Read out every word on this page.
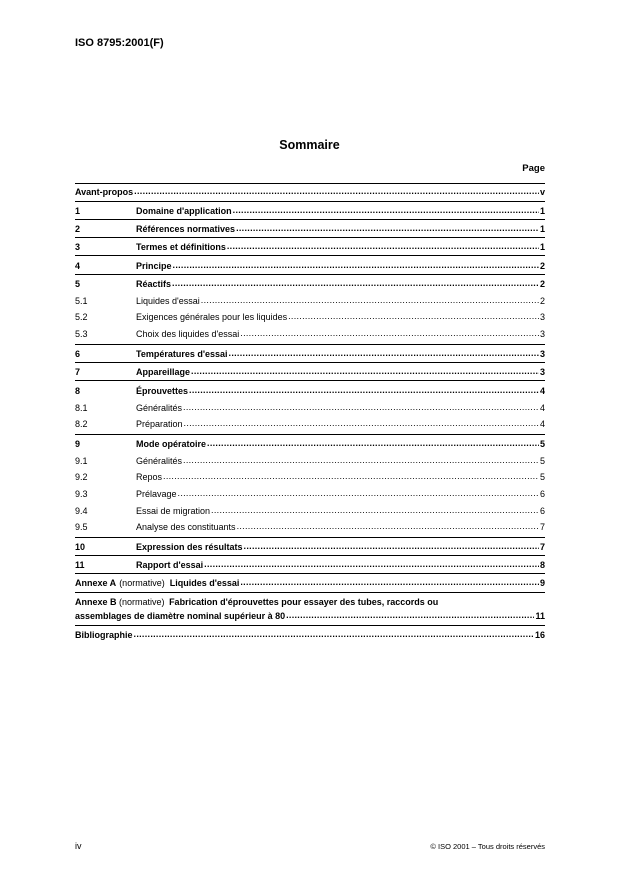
ISO 8795:2001(F)
Sommaire
Page
Avant-propos .....	v
1	Domaine d'application .....	1
2	Références normatives .....	1
3	Termes et définitions .....	1
4	Principe .....	2
5	Réactifs .....	2
5.1	Liquides d'essai .....	2
5.2	Exigences générales pour les liquides .....	3
5.3	Choix des liquides d'essai .....	3
6	Températures d'essai .....	3
7	Appareillage .....	3
8	Éprouvettes .....	4
8.1	Généralités .....	4
8.2	Préparation .....	4
9	Mode opératoire .....	5
9.1	Généralités .....	5
9.2	Repos .....	5
9.3	Prélavage .....	6
9.4	Essai de migration .....	6
9.5	Analyse des constituants .....	7
10	Expression des résultats .....	7
11	Rapport d'essai .....	8
Annexe A (normative) Liquides d'essai .....	9
Annexe B (normative) Fabrication d'éprouvettes pour essayer des tubes, raccords ou
assemblages de diamètre nominal supérieur à 80 .....	11
Bibliographie .....	16
iv	© ISO 2001 – Tous droits réservés
